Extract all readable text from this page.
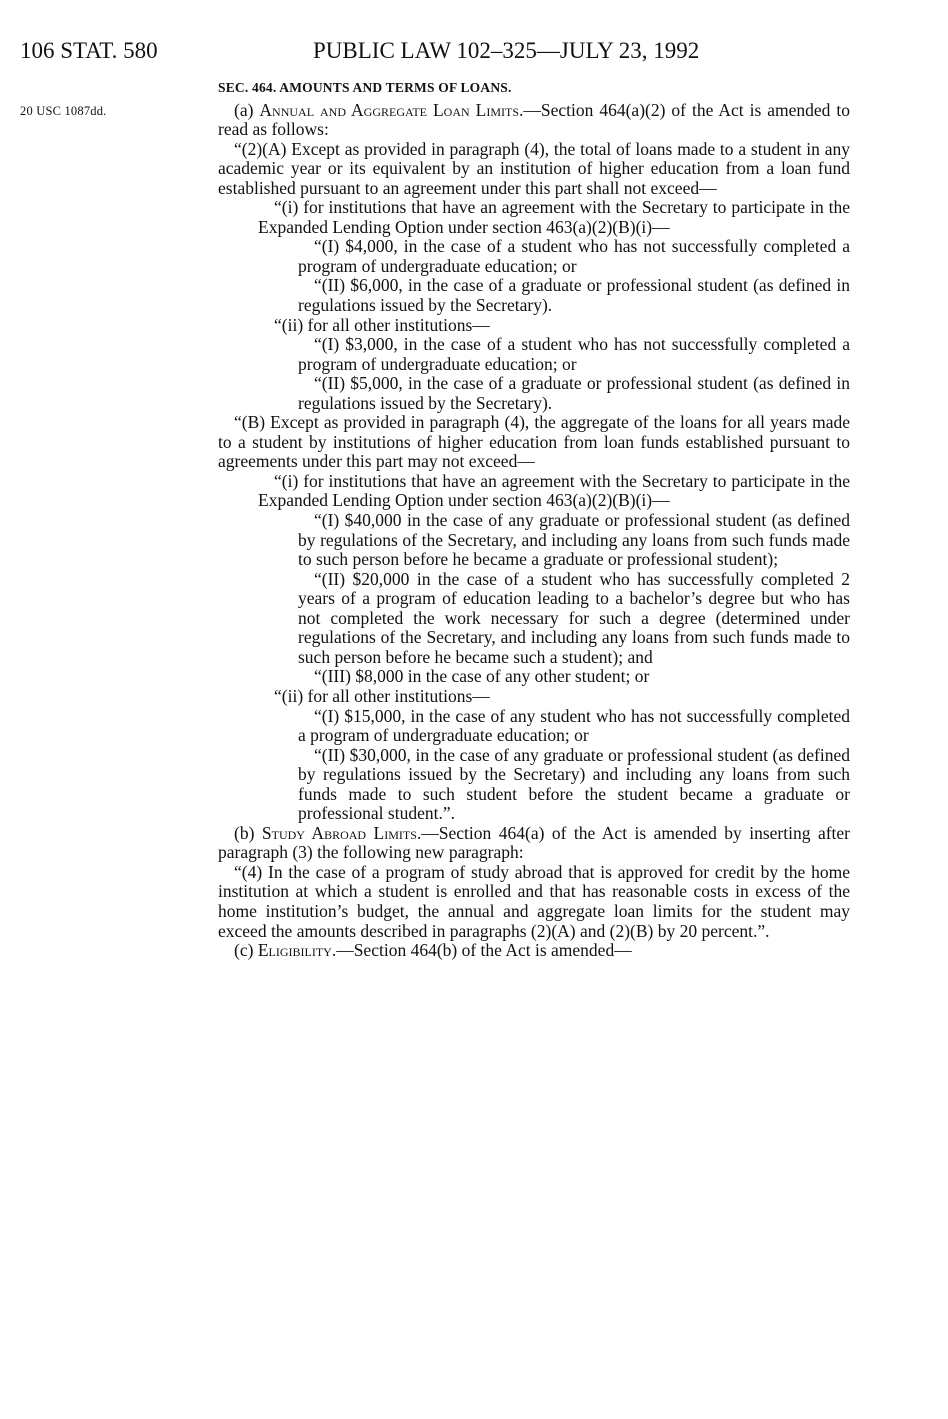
106 STAT. 580	PUBLIC LAW 102–325—JULY 23, 1992
20 USC 1087dd.

SEC. 464. AMOUNTS AND TERMS OF LOANS.

(a) Annual and Aggregate Loan Limits.—Section 464(a)(2) of the Act is amended to read as follows:

“(2)(A) Except as provided in paragraph (4), the total of loans made to a student in any academic year or its equivalent by an institution of higher education from a loan fund established pursuant to an agreement under this part shall not exceed—

“(i) for institutions that have an agreement with the Secretary to participate in the Expanded Lending Option under section 463(a)(2)(B)(i)—

“(I) $4,000, in the case of a student who has not successfully completed a program of undergraduate education; or

“(II) $6,000, in the case of a graduate or professional student (as defined in regulations issued by the Secretary).

“(ii) for all other institutions—

“(I) $3,000, in the case of a student who has not successfully completed a program of undergraduate education; or

“(II) $5,000, in the case of a graduate or professional student (as defined in regulations issued by the Secretary).

“(B) Except as provided in paragraph (4), the aggregate of the loans for all years made to a student by institutions of higher education from loan funds established pursuant to agreements under this part may not exceed—

“(i) for institutions that have an agreement with the Secretary to participate in the Expanded Lending Option under section 463(a)(2)(B)(i)—

“(I) $40,000 in the case of any graduate or professional student (as defined by regulations of the Secretary, and including any loans from such funds made to such person before he became a graduate or professional student);

“(II) $20,000 in the case of a student who has successfully completed 2 years of a program of education leading to a bachelor’s degree but who has not completed the work necessary for such a degree (determined under regulations of the Secretary, and including any loans from such funds made to such person before he became such a student); and

“(III) $8,000 in the case of any other student; or

“(ii) for all other institutions—

“(I) $15,000, in the case of any student who has not successfully completed a program of undergraduate education; or

“(II) $30,000, in the case of any graduate or professional student (as defined by regulations issued by the Secretary) and including any loans from such funds made to such student before the student became a graduate or professional student.”.

(b) Study Abroad Limits.—Section 464(a) of the Act is amended by inserting after paragraph (3) the following new paragraph:

“(4) In the case of a program of study abroad that is approved for credit by the home institution at which a student is enrolled and that has reasonable costs in excess of the home institution’s budget, the annual and aggregate loan limits for the student may exceed the amounts described in paragraphs (2)(A) and (2)(B) by 20 percent.”.

(c) Eligibility.—Section 464(b) of the Act is amended—
